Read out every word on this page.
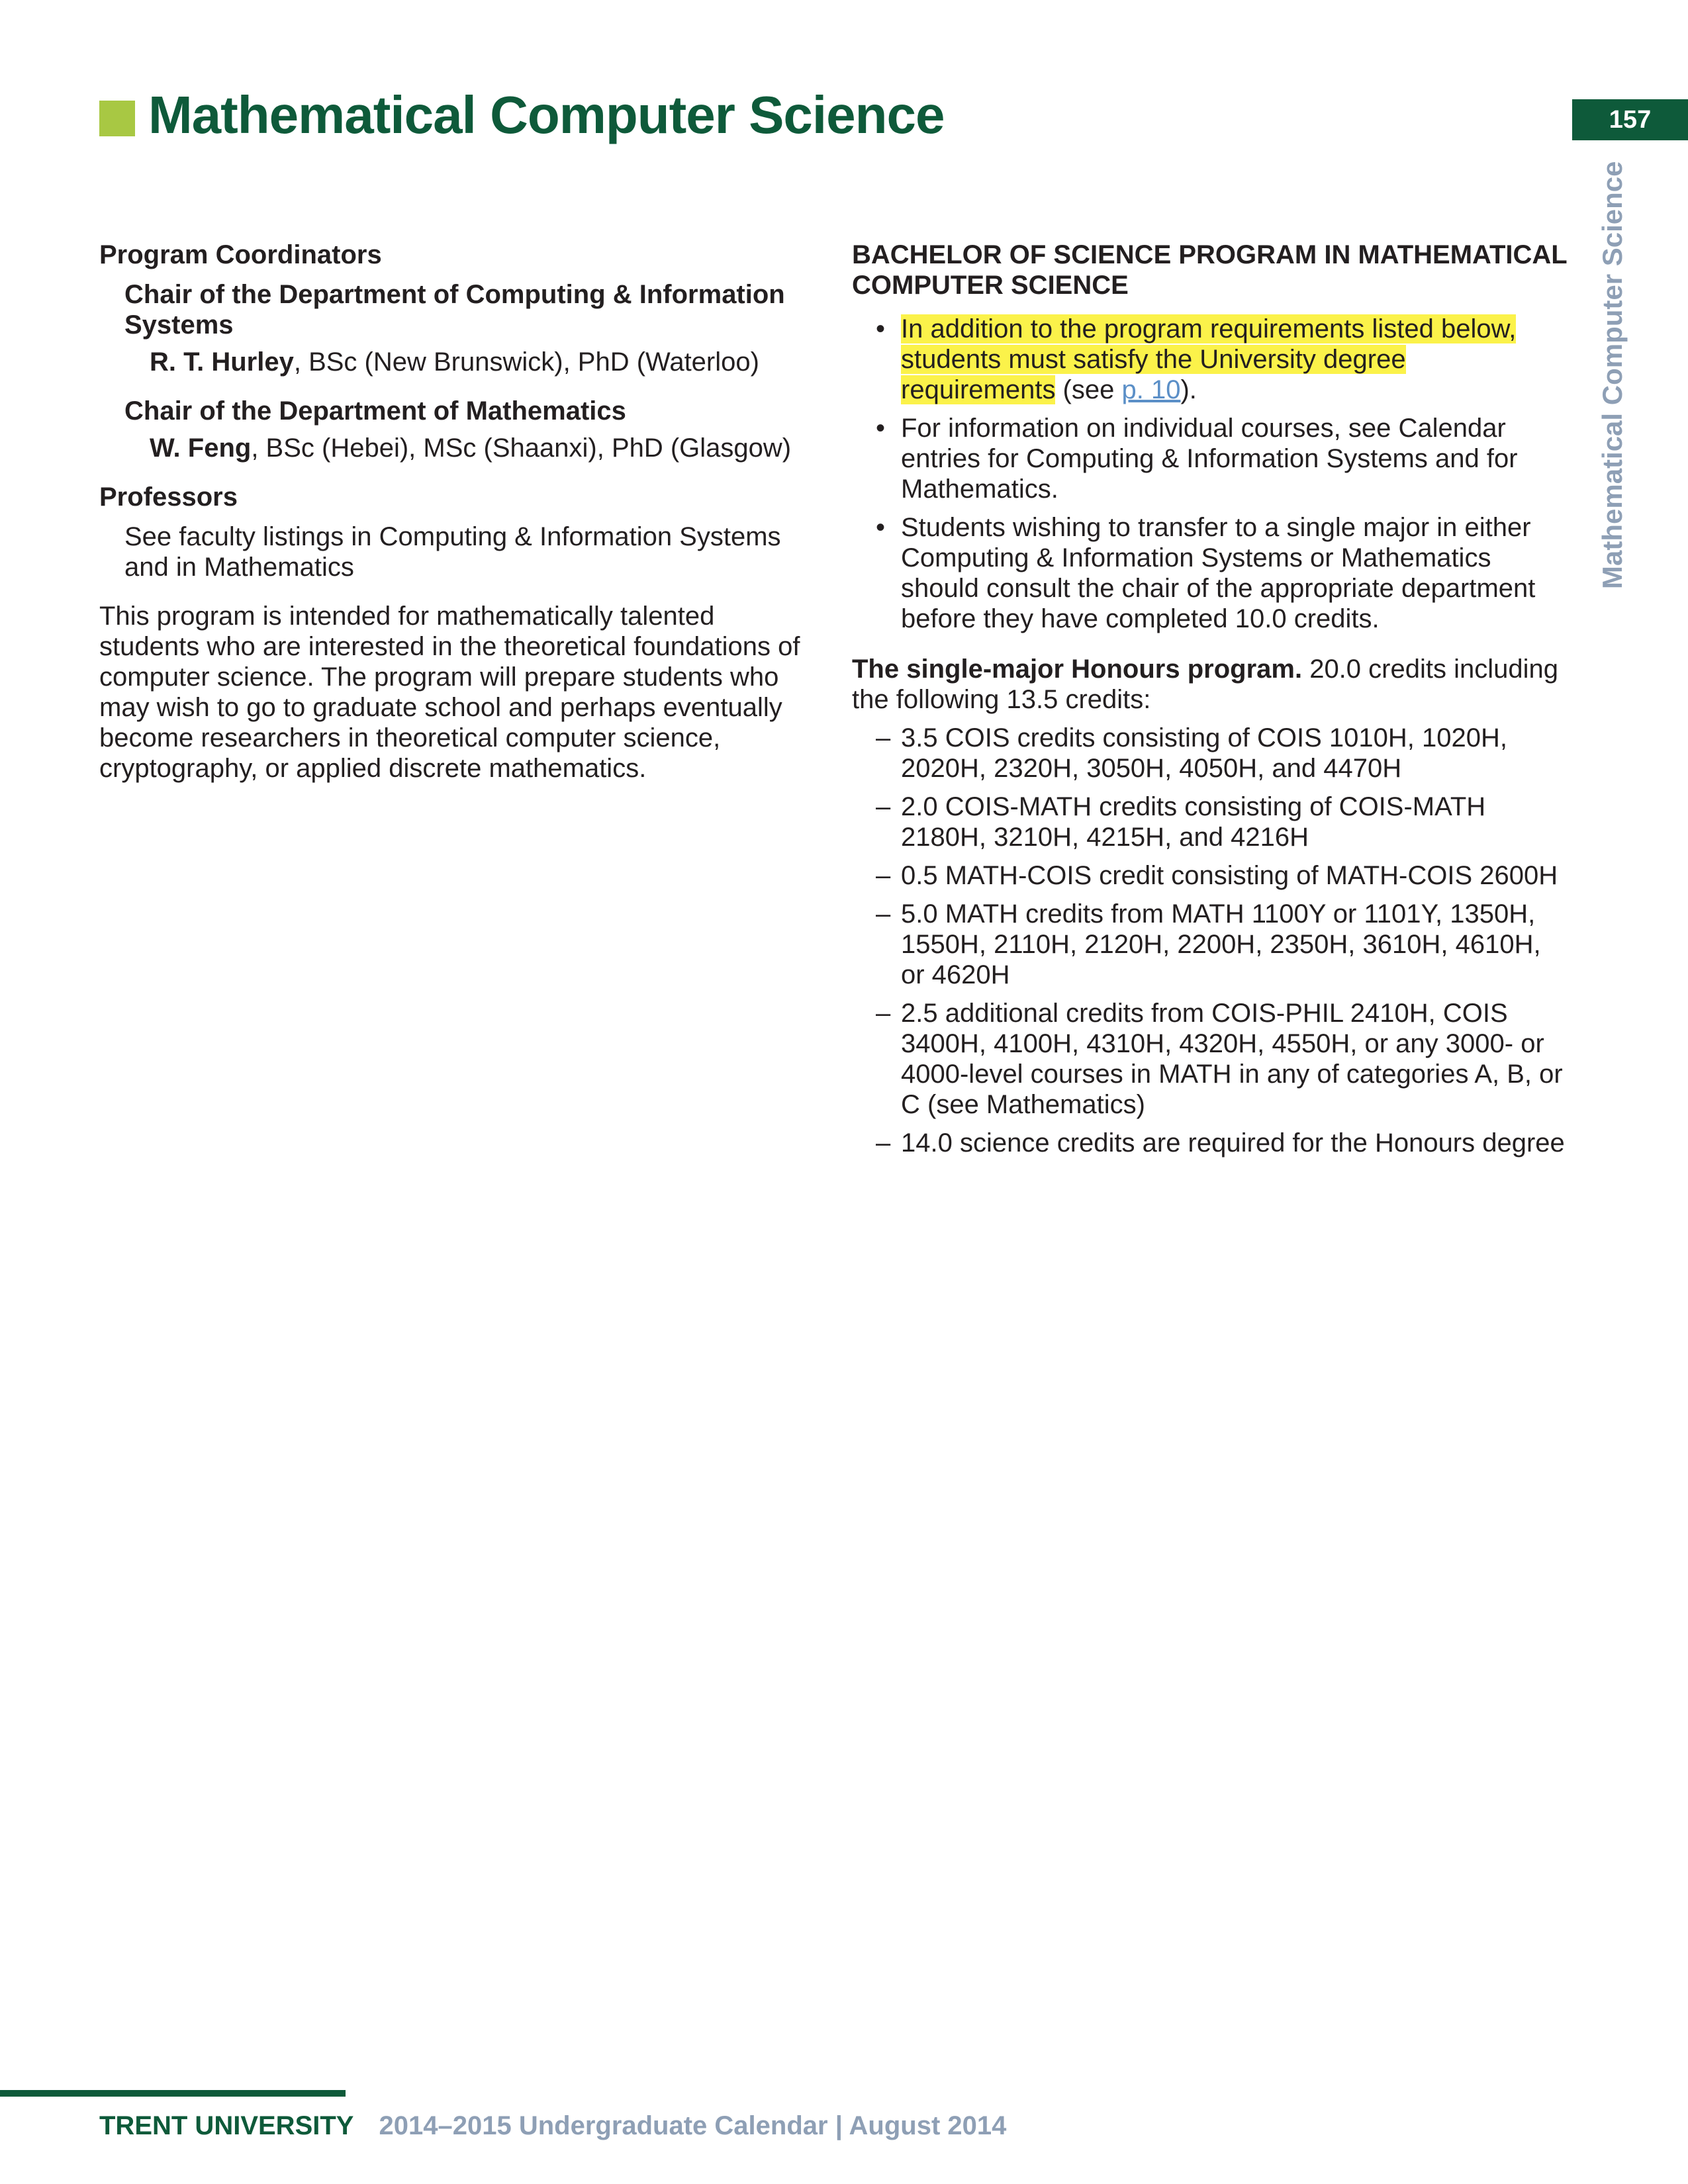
Mathematical Computer Science	157
Mathematical Computer Science
Program Coordinators
Chair of the Department of Computing & Information Systems
R. T. Hurley, BSc (New Brunswick), PhD (Waterloo)
Chair of the Department of Mathematics
W. Feng, BSc (Hebei), MSc (Shaanxi), PhD (Glasgow)
Professors
See faculty listings in Computing & Information Systems and in Mathematics

This program is intended for mathematically talented students who are interested in the theoretical foundations of computer science. The program will prepare students who may wish to go to graduate school and perhaps eventually become researchers in theoretical computer science, cryptography, or applied discrete mathematics.

BACHELOR OF SCIENCE PROGRAM IN MATHEMATICAL COMPUTER SCIENCE
• In addition to the program requirements listed below, students must satisfy the University degree requirements (see p. 10).
• For information on individual courses, see Calendar entries for Computing & Information Systems and for Mathematics.
• Students wishing to transfer to a single major in either Computing & Information Systems or Mathematics should consult the chair of the appropriate department before they have completed 10.0 credits.

The single-major Honours program. 20.0 credits including the following 13.5 credits:

– 3.5 COIS credits consisting of COIS 1010H, 1020H, 2020H, 2320H, 3050H, 4050H, and 4470H
– 2.0 COIS-MATH credits consisting of COIS-MATH 2180H, 3210H, 4215H, and 4216H
– 0.5 MATH-COIS credit consisting of MATH-COIS 2600H
– 5.0 MATH credits from MATH 1100Y or 1101Y, 1350H, 1550H, 2110H, 2120H, 2200H, 2350H, 3610H, 4610H, or 4620H
– 2.5 additional credits from COIS-PHIL 2410H, COIS 3400H, 4100H, 4310H, 4320H, 4550H, or any 3000- or 4000-level courses in MATH in any of categories A, B, or C (see Mathematics)
– 14.0 science credits are required for the Honours degree
TRENT UNIVERSITY 2014–2015 Undergraduate Calendar | August 2014
